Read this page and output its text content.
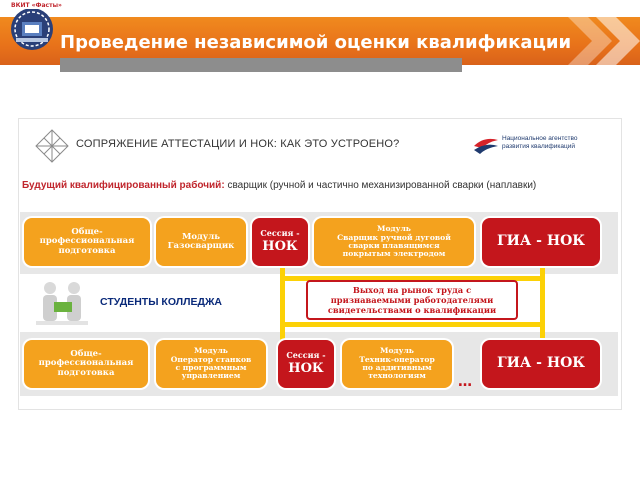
Проведение независимой оценки квалификации
ВКИТ «Фасты»
СОПРЯЖЕНИЕ АТТЕСТАЦИИ И НОК: КАК ЭТО УСТРОЕНО?	Национальное агентство
развития квалификаций
Будущий квалифицированный рабочий: сварщик (ручной и частично механизированной сварки (наплавки)
Обще-
профессиональная
подготовка
Модуль
Газосварщик
Сессия -
НОК
Модуль
Сварщик ручной дуговой
сварки плавящимся
покрытым электродом
ГИА - НОК
СТУДЕНТЫ КОЛЛЕДЖА
Выход на рынок труда с
признаваемыми работодателями
свидетельствами о квалификации
Обще-
профессиональная
подготовка
Модуль
Оператор станков
с программным
управлением
Сессия -
НОК
Модуль
Техник-оператор
по аддитивным
технологиям …
ГИА - НОК
